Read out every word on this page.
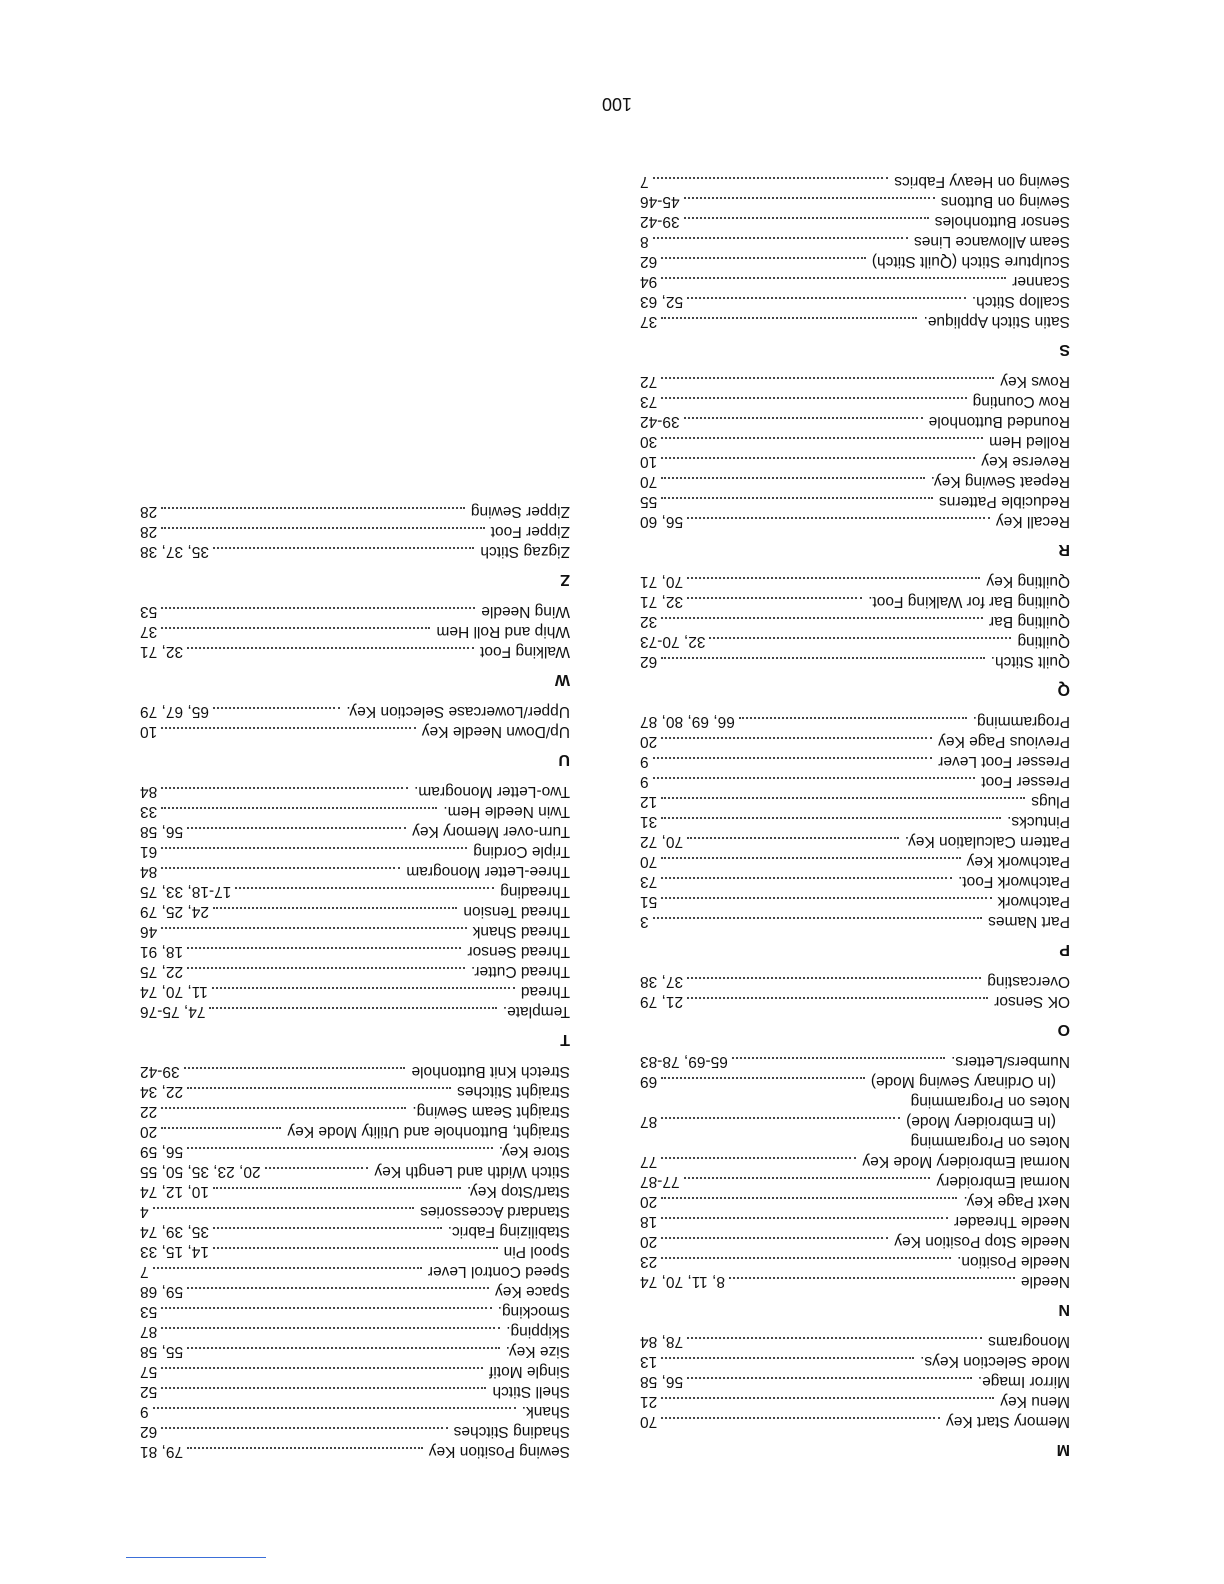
M
Memory Start Key
70
Menu Key
21
Mirror Image.
56, 58
Mode Selection Keys.
13
Monograms
78, 84
N
Needle
8, 11, 70, 74
Needle Position.
23
Needle Stop Position Key
20
Needle Threader
18
Next Page Key.
20
Normal Embroidery
77-87
Normal Embroidery Mode Key
77
Notes on Programming
(In Embroidery Mode)
87
Notes on Programming
(In Ordinary Sewing Mode)
69
Numbers/Letters.
65-69, 78-83
O
OK Sensor
21, 79
Overcasting
37, 38
P
Part Names
3
Patchwork
51
Patchwork Foot.
73
Patchwork Key
70
Pattern Calculation Key.
70, 72
Pintucks.
31
Plugs
12
Presser Foot
9
Presser Foot Lever
9
Previous Page Key
20
Programming.
66, 69, 80, 87
Q
Quilt Stitch.
62
Quilting
32, 70-73
Quilting Bar
32
Quilting Bar for Walking Foot.
32, 71
Quilting Key
70, 71
R
Recall Key
56, 60
Reducible Patterns
55
Repeat Sewing Key.
70
Reverse Key
10
Rolled Hem
30
Rounded Buttonhole
39-42
Row Counting
73
Rows Key
72
S
Satin Stitch Applique.
37
Scallop Stitch.
52, 63
Scanner
94
Sculpture Stitch (Quilt Stitch)
62
Seam Allowance Lines
8
Sensor Buttonholes
39-42
Sewing on Buttons
45-46
Sewing on Heavy Fabrics
7
Sewing Position Key
79, 81
Shading Stitches
62
Shank.
9
Shell Stitch
52
Single Motif
57
Size Key.
55, 58
Skipping.
87
Smocking.
53
Space Key
59, 68
Speed Control Lever
7
Spool Pin
14, 15, 33
Stabilizing Fabric.
35, 39, 74
Standard Accessories
4
Start/Stop Key.
10, 12, 74
Stitch Width and Length Key
20, 23, 35, 50, 55
Store Key.
56, 59
Straight, Buttonhole and Utility Mode Key
20
Straight Seam Sewing.
22
Straight Stitches
22, 34
Stretch Knit Buttonhole
39-42
T
Template.
74, 75-76
Thread
11, 70, 74
Thread Cutter.
22, 75
Thread Sensor
18, 91
Thread Shank
46
Thread Tension
24, 25, 79
Threading
17-18, 33, 75
Three-Letter Monogram
84
Triple Cording
61
Turn-over Memory Key
56, 58
Twin Needle Hem.
33
Two-Letter Monogram.
84
U
Up/Down Needle Key
10
Upper/Lowercase Selection Key.
65, 67, 79
W
Walking Foot
32, 71
Whip and Roll Hem
37
Wing Needle
53
Z
Zigzag Stitch
35, 37, 38
Zipper Foot
28
Zipper Sewing
28
100
